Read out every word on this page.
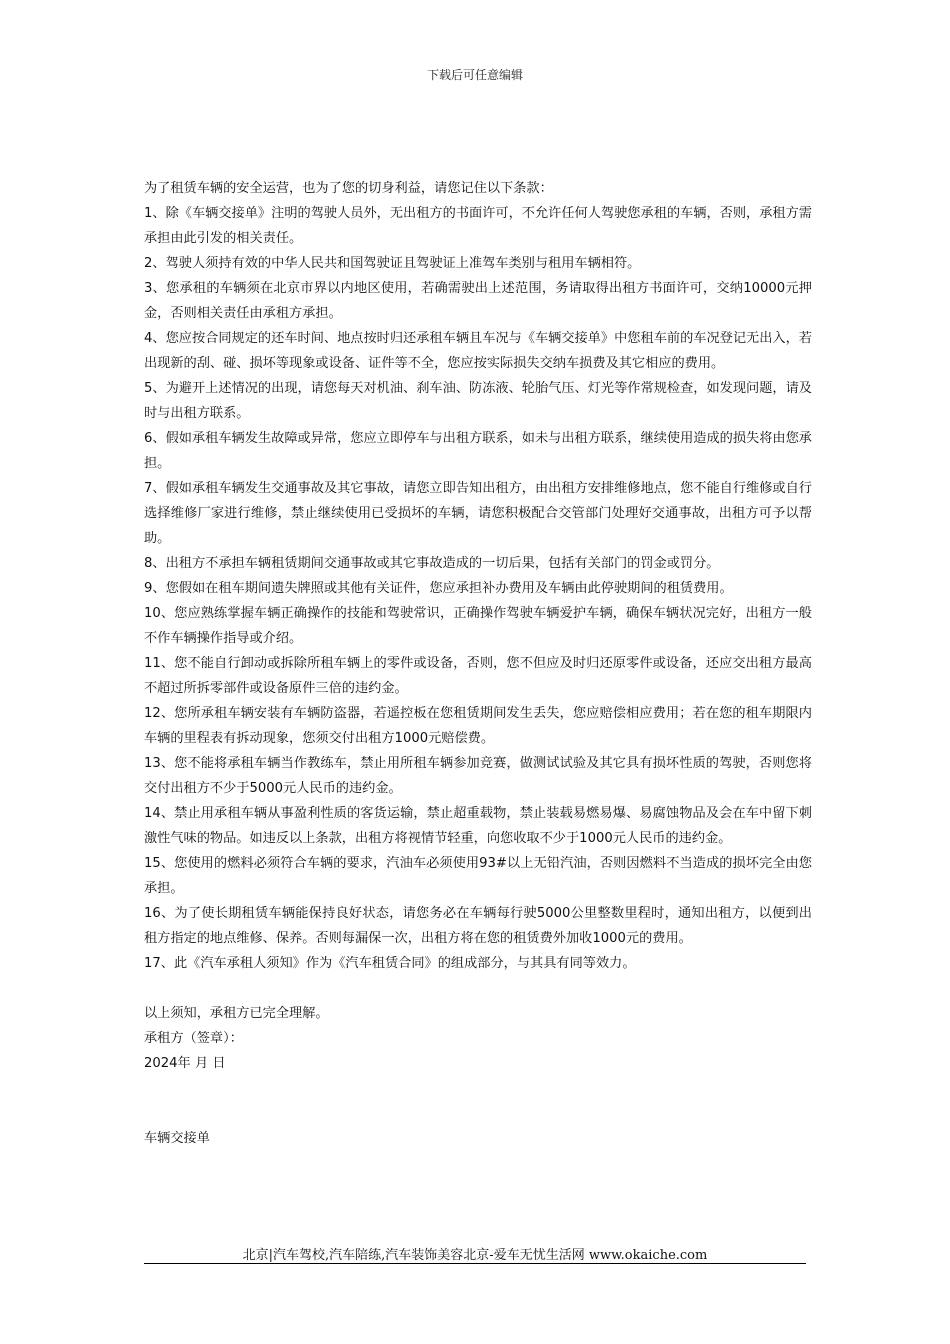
下载后可任意编辑

为了租赁车辆的安全运营，也为了您的切身利益，请您记住以下条款：

1、除《车辆交接单》注明的驾驶人员外，无出租方的书面许可，不允许任何人驾驶您承租的车辆，否则，承租方需承担由此引发的相关责任。

2、驾驶人须持有效的中华人民共和国驾驶证且驾驶证上准驾车类别与租用车辆相符。

3、您承租的车辆须在北京市界以内地区使用，若确需驶出上述范围，务请取得出租方书面许可，交纳10000元押金，否则相关责任由承租方承担。

4、您应按合同规定的还车时间、地点按时归还承租车辆且车况与《车辆交接单》中您租车前的车况登记无出入，若出现新的刮、碰、损坏等现象或设备、证件等不全，您应按实际损失交纳车损费及其它相应的费用。

5、为避开上述情况的出现，请您每天对机油、刹车油、防冻液、轮胎气压、灯光等作常规检查，如发现问题，请及时与出租方联系。

6、假如承租车辆发生故障或异常，您应立即停车与出租方联系，如未与出租方联系，继续使用造成的损失将由您承担。

7、假如承租车辆发生交通事故及其它事故，请您立即告知出租方，由出租方安排维修地点，您不能自行维修或自行选择维修厂家进行维修，禁止继续使用已受损坏的车辆，请您积极配合交管部门处理好交通事故，出租方可予以帮助。

8、出租方不承担车辆租赁期间交通事故或其它事故造成的一切后果，包括有关部门的罚金或罚分。

9、您假如在租车期间遗失牌照或其他有关证件，您应承担补办费用及车辆由此停驶期间的租赁费用。

10、您应熟练掌握车辆正确操作的技能和驾驶常识，正确操作驾驶车辆爱护车辆，确保车辆状况完好，出租方一般不作车辆操作指导或介绍。

11、您不能自行卸动或拆除所租车辆上的零件或设备，否则，您不但应及时归还原零件或设备，还应交出租方最高不超过所拆零部件或设备原件三倍的违约金。

12、您所承租车辆安装有车辆防盗器，若遥控板在您租赁期间发生丢失，您应赔偿相应费用；若在您的租车期限内车辆的里程表有拆动现象，您须交付出租方1000元赔偿费。

13、您不能将承租车辆当作教练车，禁止用所租车辆参加竞赛，做测试试验及其它具有损坏性质的驾驶，否则您将交付出租方不少于5000元人民币的违约金。

14、禁止用承租车辆从事盈利性质的客货运输，禁止超重载物，禁止装载易燃易爆、易腐蚀物品及会在车中留下刺激性气味的物品。如违反以上条款，出租方将视情节轻重，向您收取不少于1000元人民币的违约金。

15、您使用的燃料必须符合车辆的要求，汽油车必须使用93#以上无铅汽油，否则因燃料不当造成的损坏完全由您承担。

16、为了使长期租赁车辆能保持良好状态，请您务必在车辆每行驶5000公里整数里程时，通知出租方，以便到出租方指定的地点维修、保养。否则每漏保一次，出租方将在您的租赁费外加收1000元的费用。

17、此《汽车承租人须知》作为《汽车租赁合同》的组成部分，与其具有同等效力。

以上须知，承租方已完全理解。

承租方（签章）：

2024年 月 日

车辆交接单

北京|汽车驾校,汽车陪练,汽车装饰美容北京-爱车无忧生活网 www.okaiche.com
